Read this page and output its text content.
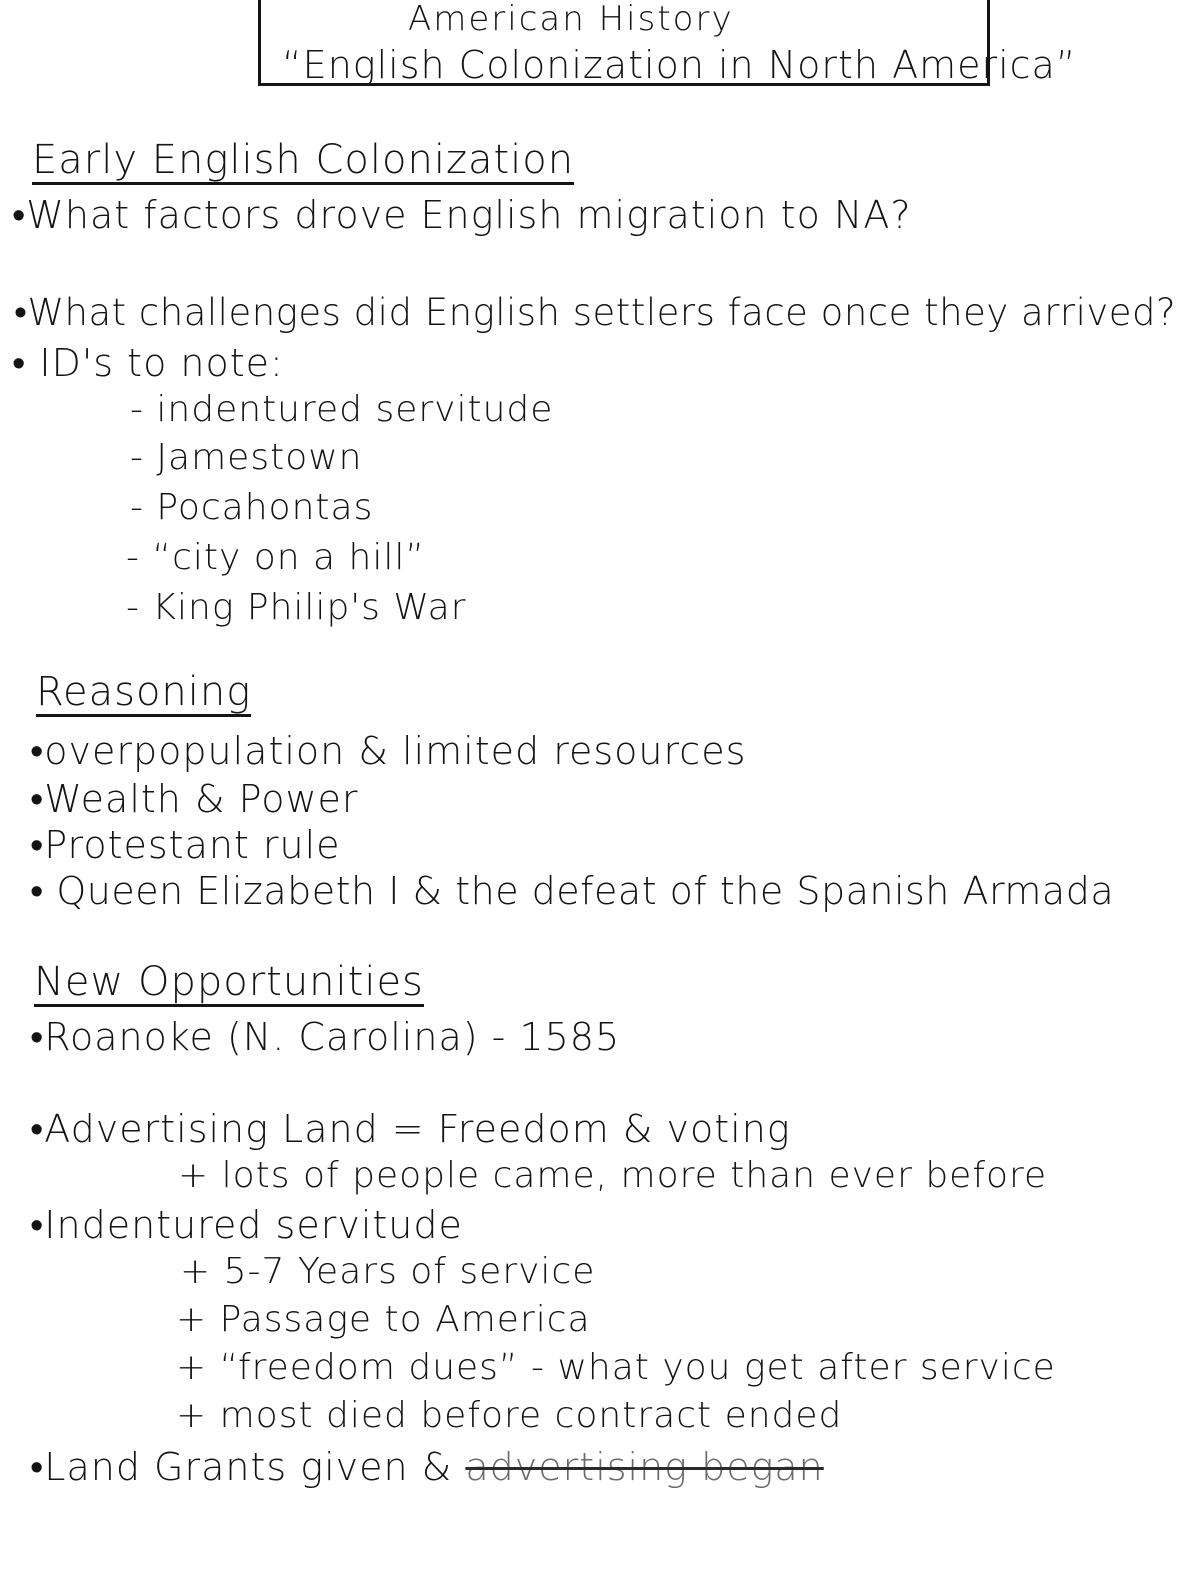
American History
“English Colonization in North America”
Early English Colonization
•What factors drove English migration to NA?
•What challenges did English settlers face once they arrived?
• ID's to note:
- indentured servitude
- Jamestown
- Pocahontas
- “city on a hill”
- King Philip's War
Reasoning
•overpopulation & limited resources
•Wealth & Power
•Protestant rule
• Queen Elizabeth I & the defeat of the Spanish Armada
New Opportunities
•Roanoke (N. Carolina) - 1585
•Advertising Land = Freedom & voting
+ lots of people came, more than ever before
•Indentured servitude
+ 5-7 Years of service
+ Passage to America
+ “freedom dues” - what you get after service
+ most died before contract ended
•Land Grants given & advertising began
